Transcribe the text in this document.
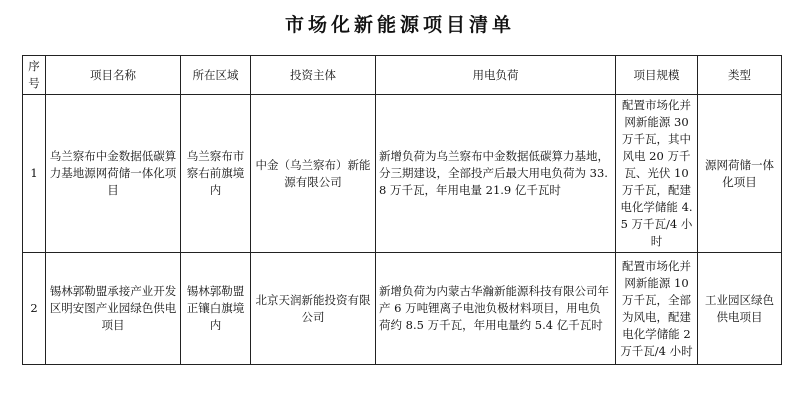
市场化新能源项目清单
序号	项目名称	所在区域	投资主体	用电负荷	项目规模	类型
1	乌兰察布中金数据低碳算力基地源网荷储一体化项目	乌兰察布市察右前旗境内	中金（乌兰察布）新能源有限公司	新增负荷为乌兰察布中金数据低碳算力基地，分三期建设，全部投产后最大用电负荷为 33.8 万千瓦，年用电量 21.9 亿千瓦时	配置市场化并网新能源 30 万千瓦，其中风电 20 万千瓦、光伏 10 万千瓦，配建电化学储能 4.5 万千瓦/4 小时	源网荷储一体化项目
2	锡林郭勒盟承接产业开发区明安图产业园绿色供电项目	锡林郭勒盟正镶白旗境内	北京天润新能投资有限公司	新增负荷为内蒙古华瀚新能源科技有限公司年产 6 万吨锂离子电池负极材料项目，用电负荷约 8.5 万千瓦，年用电量约 5.4 亿千瓦时	配置市场化并网新能源 10 万千瓦，全部为风电，配建电化学储能 2 万千瓦/4 小时	工业园区绿色供电项目
